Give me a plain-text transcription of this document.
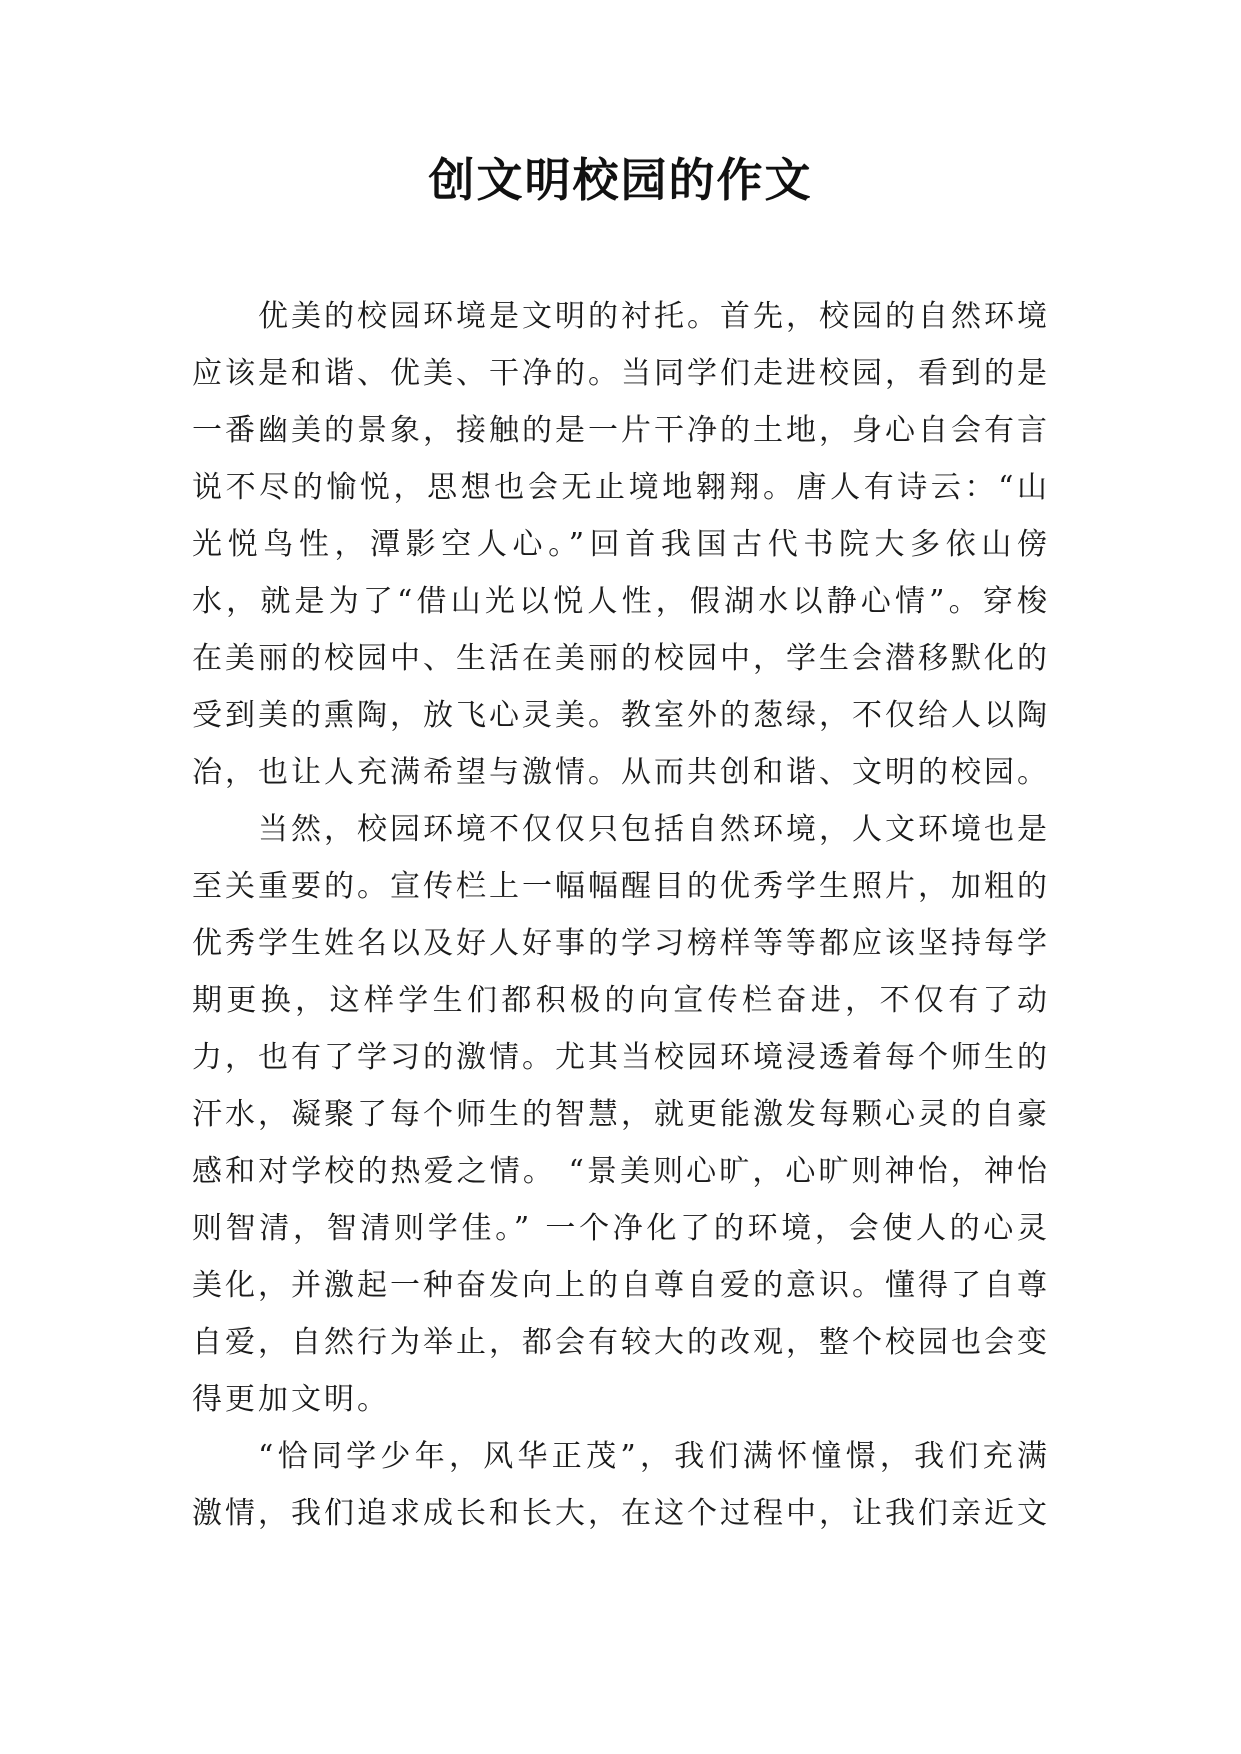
创文明校园的作文

优美的校园环境是文明的衬托。首先，校园的自然环境应该是和谐、优美、干净的。当同学们走进校园，看到的是一番幽美的景象，接触的是一片干净的土地，身心自会有言说不尽的愉悦，思想也会无止境地翱翔。唐人有诗云：“山光悦鸟性，潭影空人心。”回首我国古代书院大多依山傍水，就是为了“借山光以悦人性，假湖水以静心情”。穿梭在美丽的校园中、生活在美丽的校园中，学生会潜移默化的受到美的熏陶，放飞心灵美。教室外的葱绿，不仅给人以陶冶，也让人充满希望与激情。从而共创和谐、文明的校园。

当然，校园环境不仅仅只包括自然环境，人文环境也是至关重要的。宣传栏上一幅幅醒目的优秀学生照片，加粗的优秀学生姓名以及好人好事的学习榜样等等都应该坚持每学期更换，这样学生们都积极的向宣传栏奋进，不仅有了动力，也有了学习的激情。尤其当校园环境浸透着每个师生的汗水，凝聚了每个师生的智慧，就更能激发每颗心灵的自豪感和对学校的热爱之情。 “景美则心旷，心旷则神怡，神怡则智清，智清则学佳。” 一个净化了的环境，会使人的心灵美化，并激起一种奋发向上的自尊自爱的意识。懂得了自尊自爱，自然行为举止，都会有较大的改观，整个校园也会变得更加文明。

“恰同学少年，风华正茂”，我们满怀憧憬，我们充满激情，我们追求成长和长大，在这个过程中，让我们亲近文
